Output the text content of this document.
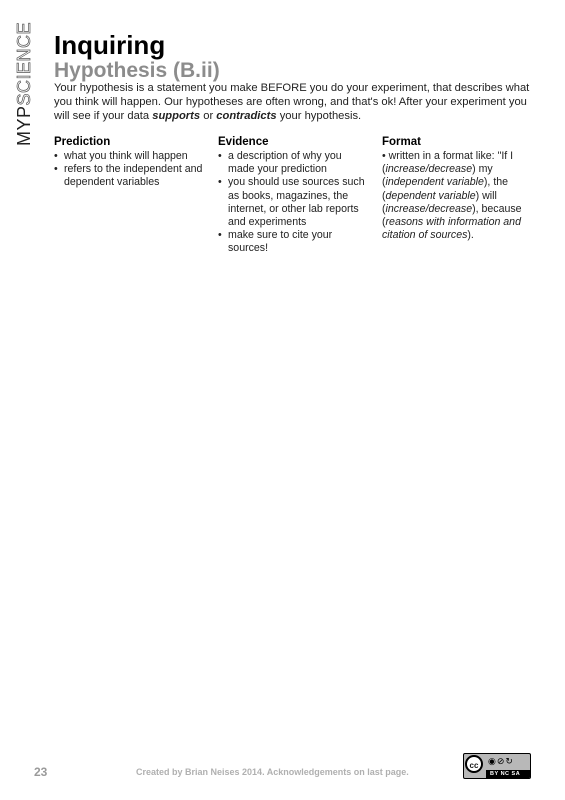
MYPSCIENCE Inquiring
Hypothesis (B.ii)

Your hypothesis is a statement you make BEFORE you do your experiment, that describes what you think will happen. Our hypotheses are often wrong, and that's ok! After your experiment you will see if your data supports or contradicts your hypothesis.

Prediction
• what you think will happen
• refers to the independent and dependent variables
Evidence
• a description of why you made your prediction
• you should use sources such as books, magazines, the internet, or other lab reports and experiments
• make sure to cite your sources!
Format

• written in a format like: "If I (increase/decrease) my (independent variable), the (dependent variable) will (increase/decrease), because (reasons with information and citation of sources).

23	Created by Brian Neises 2014. Acknowledgements on last page.
cc	◉⊘↻
BY NC SA
